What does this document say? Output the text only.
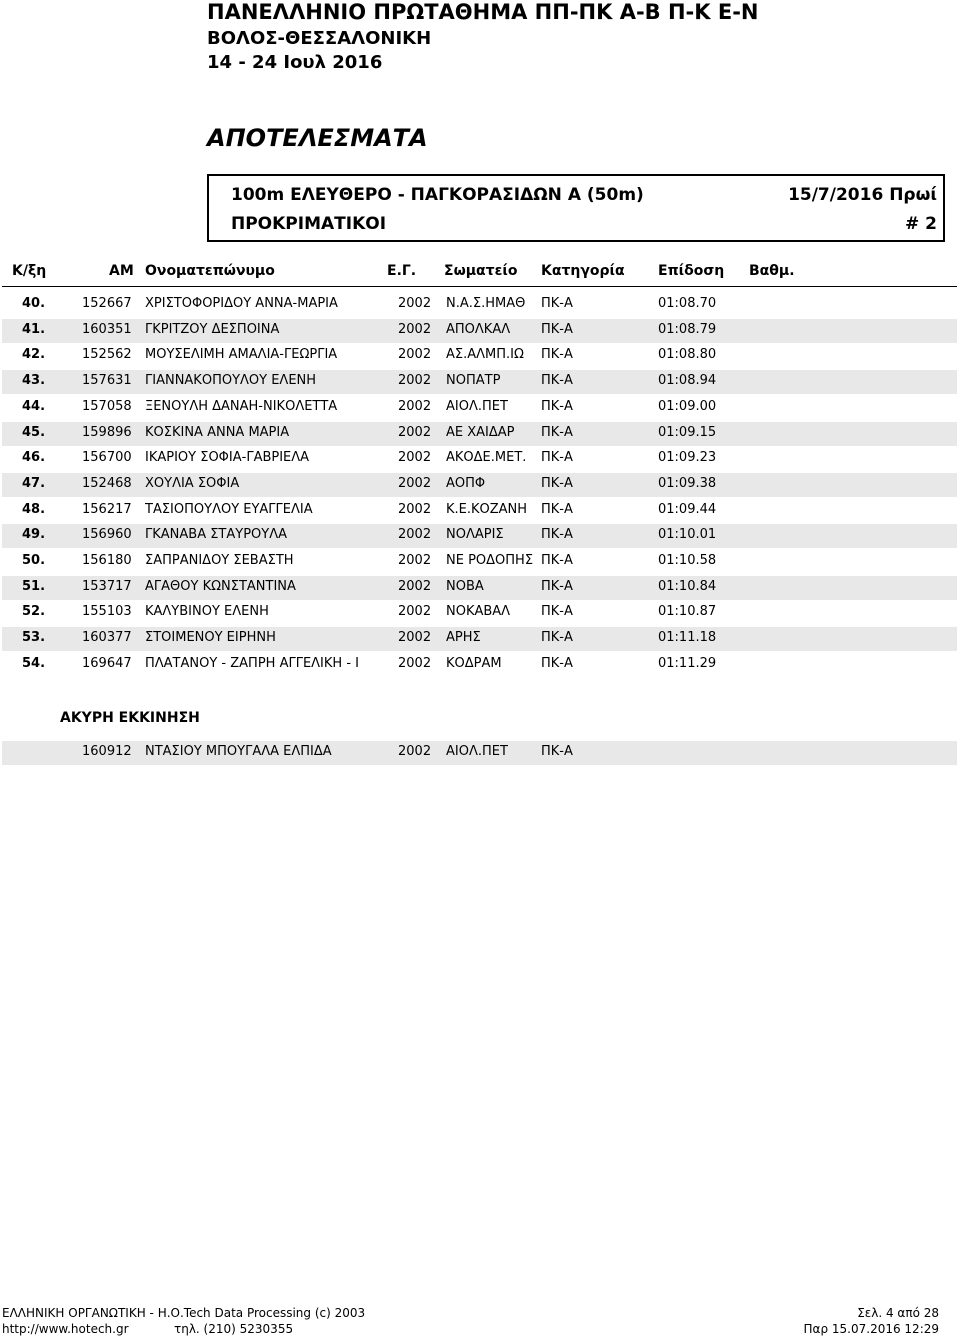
ΠΑΝΕΛΛΗΝΙΟ ΠΡΩΤΑΘΗΜΑ ΠΠ-ΠΚ Α-Β Π-Κ Ε-Ν
ΒΟΛΟΣ-ΘΕΣΣΑΛΟΝΙΚΗ
14 - 24 Ιουλ 2016
ΑΠΟΤΕΛΕΣΜΑΤΑ
100m ΕΛΕΥΘΕΡΟ - ΠΑΓΚΟΡΑΣΙΔΩΝ Α (50m)	15/7/2016 Πρωί
ΠΡΟΚΡΙΜΑΤΙΚΟΙ	# 2
Κ/ξη	AM Ονοματεπώνυμο	Ε.Γ. Σωματείο Κατηγορία Επίδοση Βαθμ.
40.	152667 ΧΡΙΣΤΟΦΟΡΙΔΟΥ ΑΝΝΑ-ΜΑΡΙΑ	2002 Ν.Α.Σ.ΗΜΑΘ	ΠΚ-Α	01:08.70
41.	160351 ΓΚΡΙΤΖΟΥ ΔΕΣΠΟΙΝΑ	2002 ΑΠΟΛΚΑΛ	ΠΚ-Α	01:08.79
42.	152562 ΜΟΥΣΕΛΙΜΗ ΑΜΑΛΙΑ-ΓΕΩΡΓΙΑ	2002 ΑΣ.ΑΛΜΠ.ΙΩ	ΠΚ-Α	01:08.80
43.	157631 ΓΙΑΝΝΑΚΟΠΟΥΛΟΥ ΕΛΕΝΗ	2002 ΝΟΠΑΤΡ	ΠΚ-Α	01:08.94
44.	157058 ΞΕΝΟΥΛΗ ΔΑΝΑΗ-ΝΙΚΟΛΕΤΤΑ	2002 ΑΙΟΛ.ΠΕΤ	ΠΚ-Α	01:09.00
45.	159896 ΚΟΣΚΙΝΑ ΑΝΝΑ ΜΑΡΙΑ	2002 ΑΕ ΧΑΙΔΑΡ	ΠΚ-Α	01:09.15
46.	156700 ΙΚΑΡΙΟΥ ΣΟΦΙΑ-ΓΑΒΡΙΕΛΑ	2002 ΑΚΟΔΕ.ΜΕΤ.	ΠΚ-Α	01:09.23
47.	152468 ΧΟΥΛΙΑ ΣΟΦΙΑ	2002 ΑΟΠΦ	ΠΚ-Α	01:09.38
48.	156217 ΤΑΣΙΟΠΟΥΛΟΥ ΕΥΑΓΓΕΛΙΑ	2002 Κ.Ε.ΚΟΖΑΝΗ	ΠΚ-Α	01:09.44
49.	156960 ΓΚΑΝΑΒΑ ΣΤΑΥΡΟΥΛΑ	2002 ΝΟΛΑΡΙΣ	ΠΚ-Α	01:10.01
50.	156180 ΣΑΠΡΑΝΙΔΟΥ ΣΕΒΑΣΤΗ	2002 ΝΕ ΡΟΔΟΠΗΣ ΠΚ-Α	01:10.58
51.	153717 ΑΓΑΘΟΥ ΚΩΝΣΤΑΝΤΙΝΑ	2002 ΝΟΒΑ	ΠΚ-Α	01:10.84
52.	155103 ΚΑΛΥΒΙΝΟΥ ΕΛΕΝΗ	2002 ΝΟΚΑΒΑΛ	ΠΚ-Α	01:10.87
53.	160377 ΣΤΟΙΜΕΝΟΥ ΕΙΡΗΝΗ	2002 ΑΡΗΣ	ΠΚ-Α	01:11.18
54.	169647 ΠΛΑΤΑΝΟΥ - ΖΑΠΡΗ ΑΓΓΕΛΙΚΗ - Ι	2002 ΚΟΔΡΑΜ	ΠΚ-Α	01:11.29
ΑΚΥΡΗ ΕΚΚΙΝΗΣΗ
160912 ΝΤΑΣΙΟΥ ΜΠΟΥΓΑΛΑ ΕΛΠΙΔΑ	2002 ΑΙΟΛ.ΠΕΤ	ΠΚ-Α
ΕΛΛΗΝΙΚΗ ΟΡΓΑΝΩΤΙΚΗ - Η.Ο.Tech Data Processing (c) 2003
http://www.hotech.gr	τηλ. (210) 5230355
Σελ. 4 από 28
Παρ 15.07.2016 12:29
